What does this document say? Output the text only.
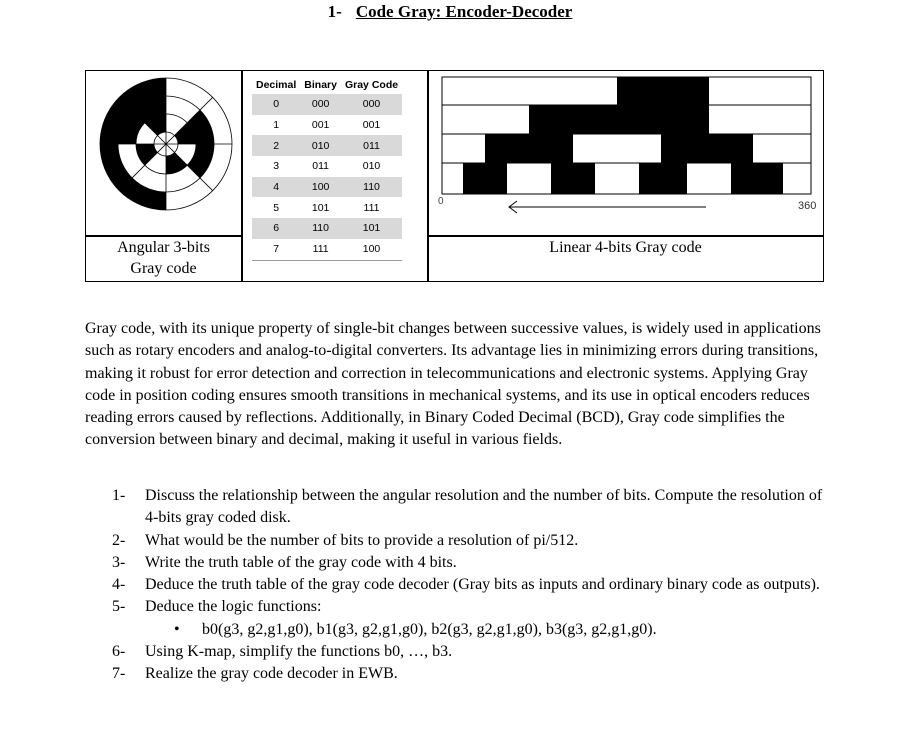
1- Code Gray: Encoder-Decoder
Angular 3-bits
Gray code
Decimal	Binary	Gray Code
0	000	000
1	001	001
2	010	011
3	011	010
4	100	110
5	101	111
6	110	101
7	111	100
0	360
Linear 4-bits Gray code
Gray code, with its unique property of single-bit changes between successive values, is widely used in applications such as rotary encoders and analog-to-digital converters. Its advantage lies in minimizing errors during transitions, making it robust for error detection and correction in telecommunications and electronic systems. Applying Gray code in position coding ensures smooth transitions in mechanical systems, and its use in optical encoders reduces reading errors caused by reflections. Additionally, in Binary Coded Decimal (BCD), Gray code simplifies the conversion between binary and decimal, making it useful in various fields.
1- Discuss the relationship between the angular resolution and the number of bits. Compute the resolution of 4-bits gray coded disk.
2- What would be the number of bits to provide a resolution of pi/512.
3- Write the truth table of the gray code with 4 bits.
4- Deduce the truth table of the gray code decoder (Gray bits as inputs and ordinary binary code as outputs).
5- Deduce the logic functions:
• b0(g3, g2,g1,g0), b1(g3, g2,g1,g0), b2(g3, g2,g1,g0), b3(g3, g2,g1,g0).
6- Using K-map, simplify the functions b0, …, b3.
7- Realize the gray code decoder in EWB.
